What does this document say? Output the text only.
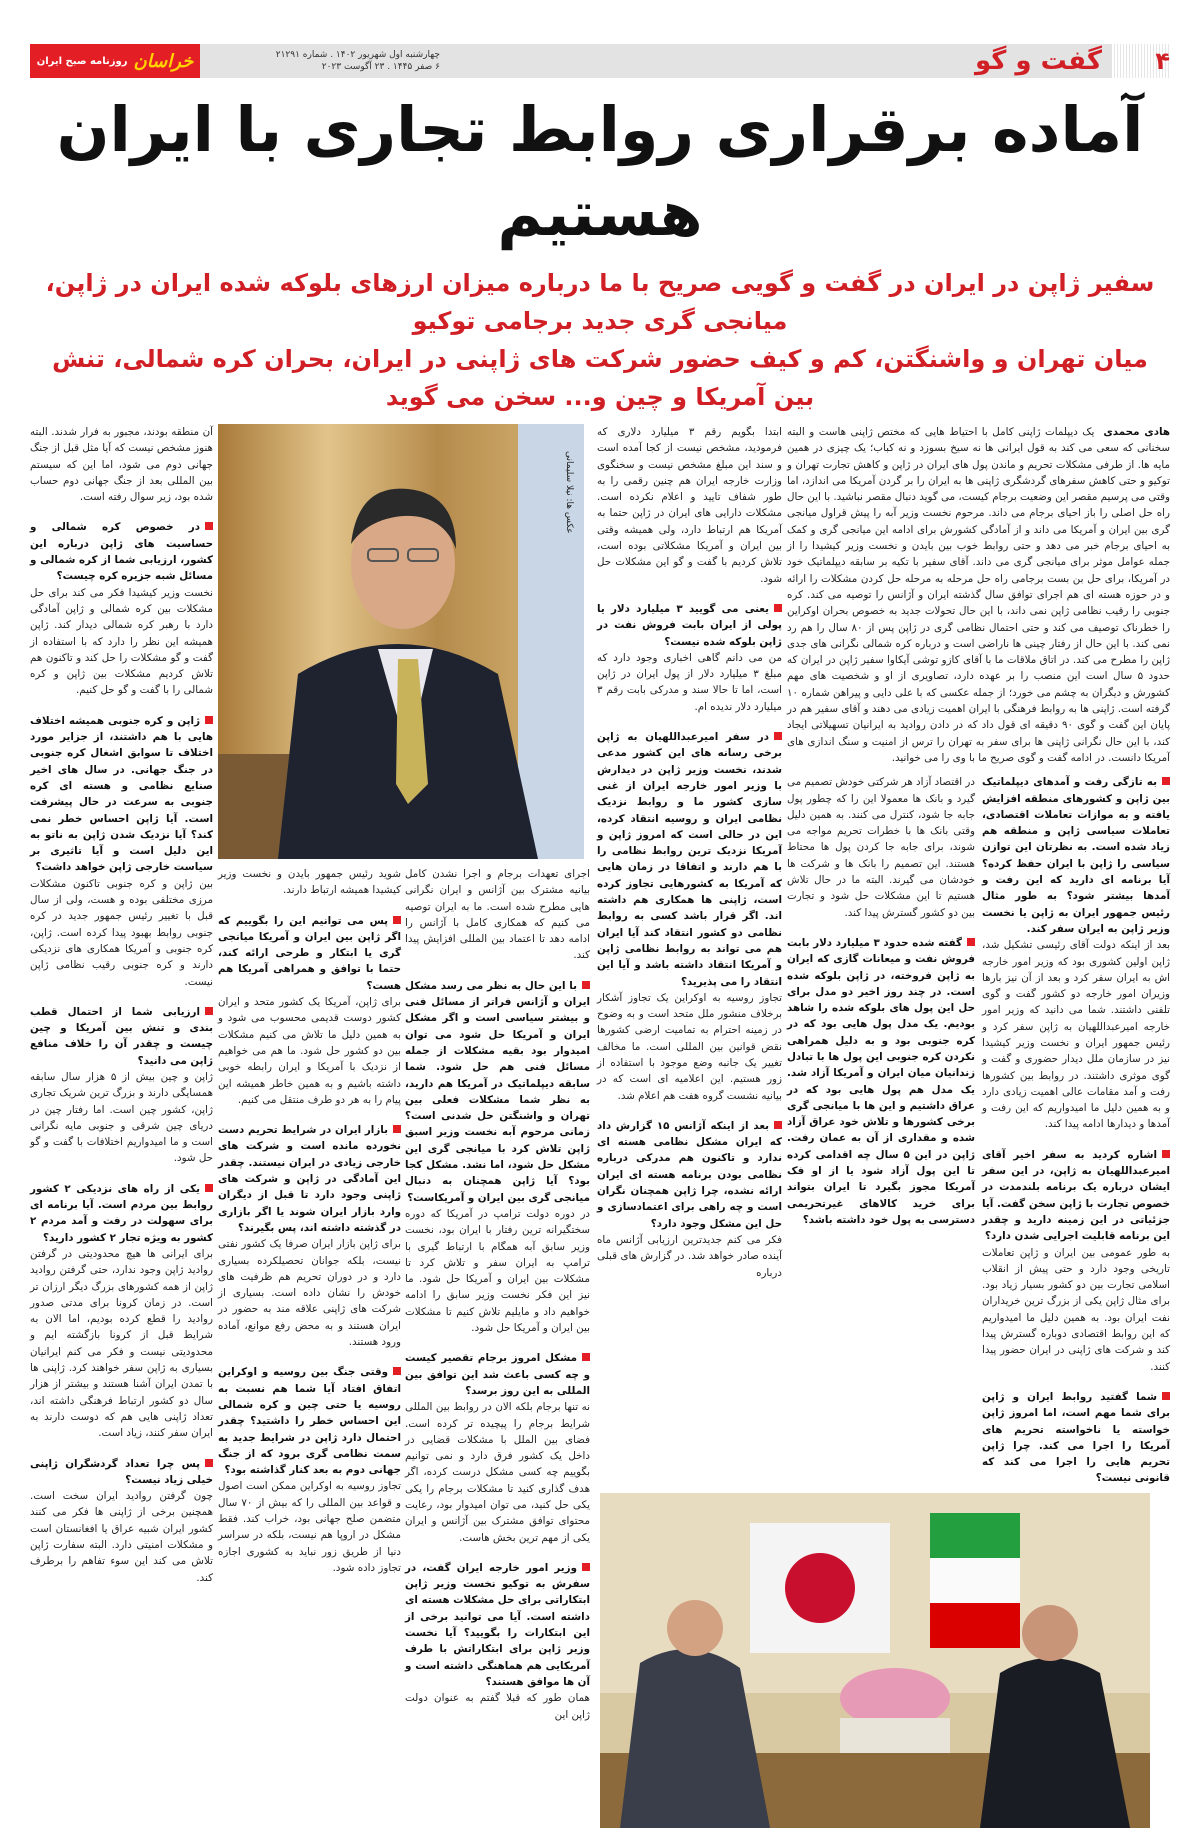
خراسان
روزنامه صبح ایران
چهارشنبه اول شهریور ۱۴۰۲ . شماره ۲۱۲۹۱
۶ صفر ۱۴۴۵ . ۲۳ آگوست ۲۰۲۳	گفت و گو	۴
آماده برقراری روابط تجاری با ایران هستیم
سفیر ژاپن در ایران در گفت و گویی صریح با ما درباره میزان ارزهای بلوکه شده ایران در ژاپن، میانجی گری جدید برجامی توکیو
میان تهران و واشنگتن، کم و کیف حضور شرکت های ژاپنی در ایران، بحران کره شمالی، تنش بین آمریکا و چین و... سخن می گوید

هادی محمدی  یک دیپلمات ژاپنی کامل با احتیاط هایی که مختص ژاپنی هاست و البته سخنانی که سعی می کند به قول ایرانی ها نه سیخ بسوزد و نه کباب؛ یک چیزی در همین مایه ها. از طرفی مشکلات تحریم و ماندن پول های ایران در ژاپن و کاهش تجارت تهران و توکیو و حتی کاهش سفرهای گردشگری ژاپنی ها به ایران را بر گردن آمریکا می اندازد، اما وقتی می پرسیم مقصر این وضعیت برجام کیست، می گوید دنبال مقصر نباشید. با این حال راه حل اصلی را باز احیای برجام می داند. مرحوم نخست وزیر آبه را پیش قراول میانجی گری بین ایران و آمریکا می داند و از آمادگی کشورش برای ادامه این میانجی گری و کمک به احیای برجام خبر می دهد و حتی روابط خوب بین بایدن و نخست وزیر کیشیدا را از جمله عوامل موثر برای میانجی گری می داند. آقای سفیر با تکیه بر سابقه دیپلماتیک خود در آمریکا، برای حل بن بست برجامی راه حل مرحله به مرحله حل کردن مشکلات را ارائه و در حوزه هسته ای هم اجرای توافق سال گذشته ایران و آژانس را توصیه می کند. کره جنوبی را رقیب نظامی ژاپن نمی داند، با این حال تحولات جدید به خصوص بحران اوکراین را خطرناک توصیف می کند و حتی احتمال نظامی گری در ژاپن پس از ۸۰ سال را هم رد نمی کند. با این حال از رفتار چینی ها ناراضی است و درباره کره شمالی نگرانی های جدی ژاپن را مطرح می کند. در اتاق ملاقات ما با آقای کازو توشی آیکاوا سفیر ژاپن در ایران که حدود ۵ سال است این منصب را بر عهده دارد، تصاویری از او و شخصیت های مهم کشورش و دیگران به چشم می خورد؛ از جمله عکسی که با علی دایی و پیراهن شماره ۱۰ گرفته است. ژاپنی ها به روابط فرهنگی با ایران اهمیت زیادی می دهند و آقای سفیر هم در پایان این گفت و گوی ۹۰ دقیقه ای قول داد که در دادن روادید به ایرانیان تسهیلاتی ایجاد کند، با این حال نگرانی ژاپنی ها برای سفر به تهران را ترس از امنیت و سنگ اندازی های آمریکا دانست. در ادامه گفت و گوی صریح ما با وی را می خوانید.

به تازگی رفت و آمدهای دیپلماتیک بین ژاپن و کشورهای منطقه افزایش یافته و به موازات تعاملات اقتصادی، تعاملات سیاسی ژاپن و منطقه هم زیاد شده است. به نظرتان این توازن سیاسی را ژاپن با ایران حفظ کرده؟ آیا برنامه ای دارید که این رفت و آمدها بیشتر شود؟ به طور مثال رئیس جمهور ایران به ژاپن یا نخست وزیر ژاپن به ایران سفر کند.

بعد از اینکه دولت آقای رئیسی تشکیل شد، ژاپن اولین کشوری بود که وزیر امور خارجه اش به ایران سفر کرد و بعد از آن نیز بارها وزیران امور خارجه دو کشور گفت و گوی تلفنی داشتند. شما می دانید که وزیر امور خارجه امیرعبداللهیان به ژاپن سفر کرد و رئیس جمهور ایران و نخست وزیر کیشیدا نیز در سازمان ملل دیدار حضوری و گفت و گوی موثری داشتند. در روابط بین کشورها رفت و آمد مقامات عالی اهمیت زیادی دارد و به همین دلیل ما امیدواریم که این رفت و آمدها و دیدارها ادامه پیدا کند.

اشاره کردید به سفر اخیر آقای امیرعبداللهیان به ژاپن، در این سفر ایشان درباره یک برنامه بلندمدت در خصوص تجارت با ژاپن سخن گفت. آیا جزئیاتی در این زمینه دارید و چقدر این برنامه قابلیت اجرایی شدن دارد؟

به طور عمومی بین ایران و ژاپن تعاملات تاریخی وجود دارد و حتی پیش از انقلاب اسلامی تجارت بین دو کشور بسیار زیاد بود. برای مثال ژاپن یکی از بزرگ ترین خریداران نفت ایران بود. به همین دلیل ما امیدواریم که این روابط اقتصادی دوباره گسترش پیدا کند و شرکت های ژاپنی در ایران حضور پیدا کنند.

شما گفتید روابط ایران و ژاپن برای شما مهم است، اما امروز ژاپن خواسته یا ناخواسته تحریم های آمریکا را اجرا می کند. چرا ژاپن تحریم هایی را اجرا می کند که قانونی نیست؟

در اقتصاد آزاد هر شرکتی خودش تصمیم می گیرد و بانک ها معمولا این را که چطور پول جابه جا شود، کنترل می کنند. به همین دلیل وقتی بانک ها با خطرات تحریم مواجه می شوند، برای جابه جا کردن پول ها محتاط هستند. این تصمیم را بانک ها و شرکت ها خودشان می گیرند. البته ما در حال تلاش هستیم تا این مشکلات حل شود و تجارت بین دو کشور گسترش پیدا کند.

گفته شده حدود ۳ میلیارد دلار بابت فروش نفت و میعانات گازی که ایران به ژاپن فروخته، در ژاپن بلوکه شده است. در چند روز اخیر دو مدل برای حل این پول های بلوکه شده را شاهد بودیم. یک مدل پول هایی بود که در کره جنوبی بود و به دلیل همراهی نکردن کره جنوبی این پول ها با تبادل زندانیان میان ایران و آمریکا آزاد شد. یک مدل هم پول هایی بود که در عراق داشتیم و این ها با میانجی گری برخی کشورها و تلاش خود عراق آزاد شده و مقداری از آن به عمان رفت. ژاپن در این ۵ سال چه اقدامی کرده تا این پول آزاد شود یا از او فک آمریکا مجوز بگیرد تا ایران بتواند برای خرید کالاهای غیرتحریمی دسترسی به پول خود داشته باشد؟

ابتدا بگویم رقم ۳ میلیارد دلاری که فرمودید، مشخص نیست از کجا آمده است و سند این مبلغ مشخص نیست و سخنگوی وزارت خارجه ایران هم چنین رقمی را به طور شفاف تایید و اعلام نکرده است. مشکلات دارایی های ایران در ژاپن حتما به آمریکا هم ارتباط دارد، ولی همیشه وقتی بین ایران و آمریکا مشکلاتی بوده است، تلاش کردیم با گفت و گو این مشکلات حل شود.

یعنی می گویید ۳ میلیارد دلار یا پولی از ایران بابت فروش نفت در ژاپن بلوکه شده نیست؟

من می دانم گاهی اخباری وجود دارد که مبلغ ۳ میلیارد دلار از پول ایران در ژاپن است، اما تا حالا سند و مدرکی بابت رقم ۳ میلیارد دلار ندیده ام.

در سفر امیرعبداللهیان به ژاپن برخی رسانه های این کشور مدعی شدند، نخست وزیر ژاپن در دیدارش با وزیر امور خارجه ایران از غنی سازی کشور ما و روابط نزدیک نظامی ایران و روسیه انتقاد کرده، این در حالی است که امروز ژاپن و آمریکا نزدیک ترین روابط نظامی را با هم دارند و اتفاقا در زمان هایی که آمریکا به کشورهایی تجاوز کرده است، ژاپنی ها همکاری هم داشته اند. اگر قرار باشد کسی به روابط نظامی دو کشور انتقاد کند آیا ایران هم می تواند به روابط نظامی ژاپن و آمریکا انتقاد داشته باشد و آیا این انتقاد را می پذیرید؟

تجاوز روسیه به اوکراین یک تجاوز آشکار برخلاف منشور ملل متحد است و به وضوح در زمینه احترام به تمامیت ارضی کشورها نقض قوانین بین المللی است. ما مخالف تغییر یک جانبه وضع موجود با استفاده از زور هستیم. این اعلامیه ای است که در بیانیه نشست گروه هفت هم اعلام شد.

بعد از اینکه آژانس ۱۵ گزارش داد که ایران مشکل نظامی هسته ای ندارد و تاکنون هم مدرکی درباره نظامی بودن برنامه هسته ای ایران ارائه نشده، چرا ژاپن همچنان نگران است و چه راهی برای اعتمادسازی و حل این مشکل وجود دارد؟

فکر می کنم جدیدترین ارزیابی آژانس ماه آینده صادر خواهد شد. در گزارش های قبلی درباره

عکس ها: نیلا سلیمانی

اجرای تعهدات برجام و اجرا نشدن کامل بیانیه مشترک بین آژانس و ایران نگرانی هایی مطرح شده است. ما به ایران توصیه می کنیم که همکاری کامل با آژانس را ادامه دهد تا اعتماد بین المللی افزایش پیدا کند.

با این حال به نظر می رسد مشکل ایران و آژانس فراتر از مسائل فنی و بیشتر سیاسی است و اگر مشکل ایران و آمریکا حل شود می توان امیدوار بود بقیه مشکلات از جمله مسائل فنی هم حل شود. شما سابقه دیپلماتیک در آمریکا هم دارید، به نظر شما مشکلات فعلی بین تهران و واشنگتن حل شدنی است؟ زمانی مرحوم آبه نخست وزیر اسبق ژاپن تلاش کرد با میانجی گری این مشکل حل شود، اما نشد. مشکل کجا بود؟ آیا ژاپن همچنان به دنبال میانجی گری بین ایران و آمریکاست؟

در دوره دولت ترامپ در آمریکا که دوره سختگیرانه ترین رفتار با ایران بود، نخست وزیر سابق آبه همگام با ارتباط گیری با ترامپ به ایران سفر و تلاش کرد تا مشکلات بین ایران و آمریکا حل شود. ما نیز این فکر نخست وزیر سابق را ادامه خواهیم داد و مایلیم تلاش کنیم تا مشکلات بین ایران و آمریکا حل شود.

مشکل امروز برجام تقصیر کیست و چه کسی باعث شد این توافق بین المللی به این روز برسد؟

نه تنها برجام بلکه الان در روابط بین المللی شرایط برجام را پیچیده تر کرده است. فضای بین الملل با مشکلات قضایی در داخل یک کشور فرق دارد و نمی توانیم بگوییم چه کسی مشکل درست کرده، اگر هدف گذاری کنید تا مشکلات برجام را یکی یکی حل کنید، می توان امیدوار بود، رعایت محتوای توافق مشترک بین آژانس و ایران یکی از مهم ترین بخش هاست.

وزیر امور خارجه ایران گفت، در سفرش به توکیو نخست وزیر ژاپن ابتکاراتی برای حل مشکلات هسته ای داشته است. آیا می توانید برخی از این ابتکارات را بگویید؟ آیا نخست وزیر ژاپن برای ابتکاراتش با طرف آمریکایی هم هماهنگی داشته است و آن ها موافق هستند؟

همان طور که قبلا گفتم به عنوان دولت ژاپن این

شوید رئیس جمهور بایدن و نخست وزیر کیشیدا همیشه ارتباط دارند.

پس می توانیم این را بگوییم که اگر ژاپن بین ایران و آمریکا میانجی گری یا ابتکار و طرحی ارائه کند، حتما با توافق و همراهی آمریکا هم هست؟

برای ژاپن، آمریکا یک کشور متحد و ایران کشور دوست قدیمی محسوب می شود و به همین دلیل ما تلاش می کنیم مشکلات بین دو کشور حل شود. ما هم می خواهیم از نزدیک با آمریکا و ایران رابطه خوبی داشته باشیم و به همین خاطر همیشه این پیام را به هر دو طرف منتقل می کنیم.

بازار ایران در شرایط تحریم دست نخورده مانده است و شرکت های خارجی زیادی در ایران نیستند. چقدر این آمادگی در ژاپن و شرکت های ژاپنی وجود دارد تا قبل از دیگران وارد بازار ایران شوند یا اگر بازاری در گذشته داشته اند، پس بگیرند؟

برای ژاپن بازار ایران صرفا یک کشور نفتی نیست، بلکه جوانان تحصیلکرده بسیاری دارد و در دوران تحریم هم ظرفیت های خودش را نشان داده است. بسیاری از شرکت های ژاپنی علاقه مند به حضور در ایران هستند و به محض رفع موانع، آماده ورود هستند.

وقتی جنگ بین روسیه و اوکراین اتفاق افتاد آیا شما هم نسبت به روسیه یا حتی چین و کره شمالی این احساس خطر را داشتید؟ چقدر احتمال دارد ژاپن در شرایط جدید به سمت نظامی گری برود که از جنگ جهانی دوم به بعد کنار گذاشته بود؟

تجاوز روسیه به اوکراین ممکن است اصول و قواعد بین المللی را که بیش از ۷۰ سال متضمن صلح جهانی بود، خراب کند. فقط مشکل در اروپا هم نیست، بلکه در سراسر دنیا از طریق زور نباید به کشوری اجازه تجاوز داده شود.

آن منطقه بودند، مجبور به فرار شدند. البته هنوز مشخص نیست که آیا مثل قبل از جنگ جهانی دوم می شود، اما این که سیستم بین المللی بعد از جنگ جهانی دوم حساب شده بود، زیر سوال رفته است.

در خصوص کره شمالی و حساسیت های ژاپن درباره این کشور، ارزیابی شما از کره شمالی و مسائل شبه جزیره کره چیست؟

نخست وزیر کیشیدا فکر می کند برای حل مشکلات بین کره شمالی و ژاپن آمادگی دارد با رهبر کره شمالی دیدار کند. ژاپن همیشه این نظر را دارد که با استفاده از گفت و گو مشکلات را حل کند و تاکنون هم تلاش کردیم مشکلات بین ژاپن و کره شمالی را با گفت و گو حل کنیم.

ژاپن و کره جنوبی همیشه اختلاف هایی با هم داشتند، از جزایر مورد اختلاف تا سوابق اشغال کره جنوبی در جنگ جهانی. در سال های اخیر صنایع نظامی و هسته ای کره جنوبی به سرعت در حال پیشرفت است. آیا ژاپن احساس خطر نمی کند؟ آیا نزدیک شدن ژاپن به ناتو به این دلیل است و آیا تاثیری بر سیاست خارجی ژاپن خواهد داشت؟

بین ژاپن و کره جنوبی تاکنون مشکلات مرزی مختلفی بوده و هست، ولی از سال قبل با تغییر رئیس جمهور جدید در کره جنوبی روابط بهبود پیدا کرده است. ژاپن، کره جنوبی و آمریکا همکاری های نزدیکی دارند و کره جنوبی رقیب نظامی ژاپن نیست.

ارزیابی شما از احتمال قطب بندی و تنش بین آمریکا و چین چیست و چقدر آن را خلاف منافع ژاپن می دانید؟

ژاپن و چین بیش از ۵ هزار سال سابقه همسایگی دارند و بزرگ ترین شریک تجاری ژاپن، کشور چین است. اما رفتار چین در دریای چین شرقی و جنوبی مایه نگرانی است و ما امیدواریم اختلافات با گفت و گو حل شود.

یکی از راه های نزدیکی ۲ کشور روابط بین مردم است. آیا برنامه ای برای سهولت در رفت و آمد مردم ۲ کشور به ویژه تجار ۲ کشور دارید؟

برای ایرانی ها هیچ محدودیتی در گرفتن روادید ژاپن وجود ندارد، حتی گرفتن روادید ژاپن از همه کشورهای بزرگ دیگر ارزان تر است. در زمان کرونا برای مدتی صدور روادید را قطع کرده بودیم، اما الان به شرایط قبل از کرونا بازگشته ایم و محدودیتی نیست و فکر می کنم ایرانیان بسیاری به ژاپن سفر خواهند کرد. ژاپنی ها با تمدن ایران آشنا هستند و بیشتر از هزار سال دو کشور ارتباط فرهنگی داشته اند، تعداد ژاپنی هایی هم که دوست دارند به ایران سفر کنند، زیاد است.

پس چرا تعداد گردشگران ژاپنی خیلی زیاد نیست؟

چون گرفتن روادید ایران سخت است. همچنین برخی از ژاپنی ها فکر می کنند کشور ایران شبیه عراق یا افغانستان است و مشکلات امنیتی دارد. البته سفارت ژاپن تلاش می کند این سوء تفاهم را برطرف کند.
